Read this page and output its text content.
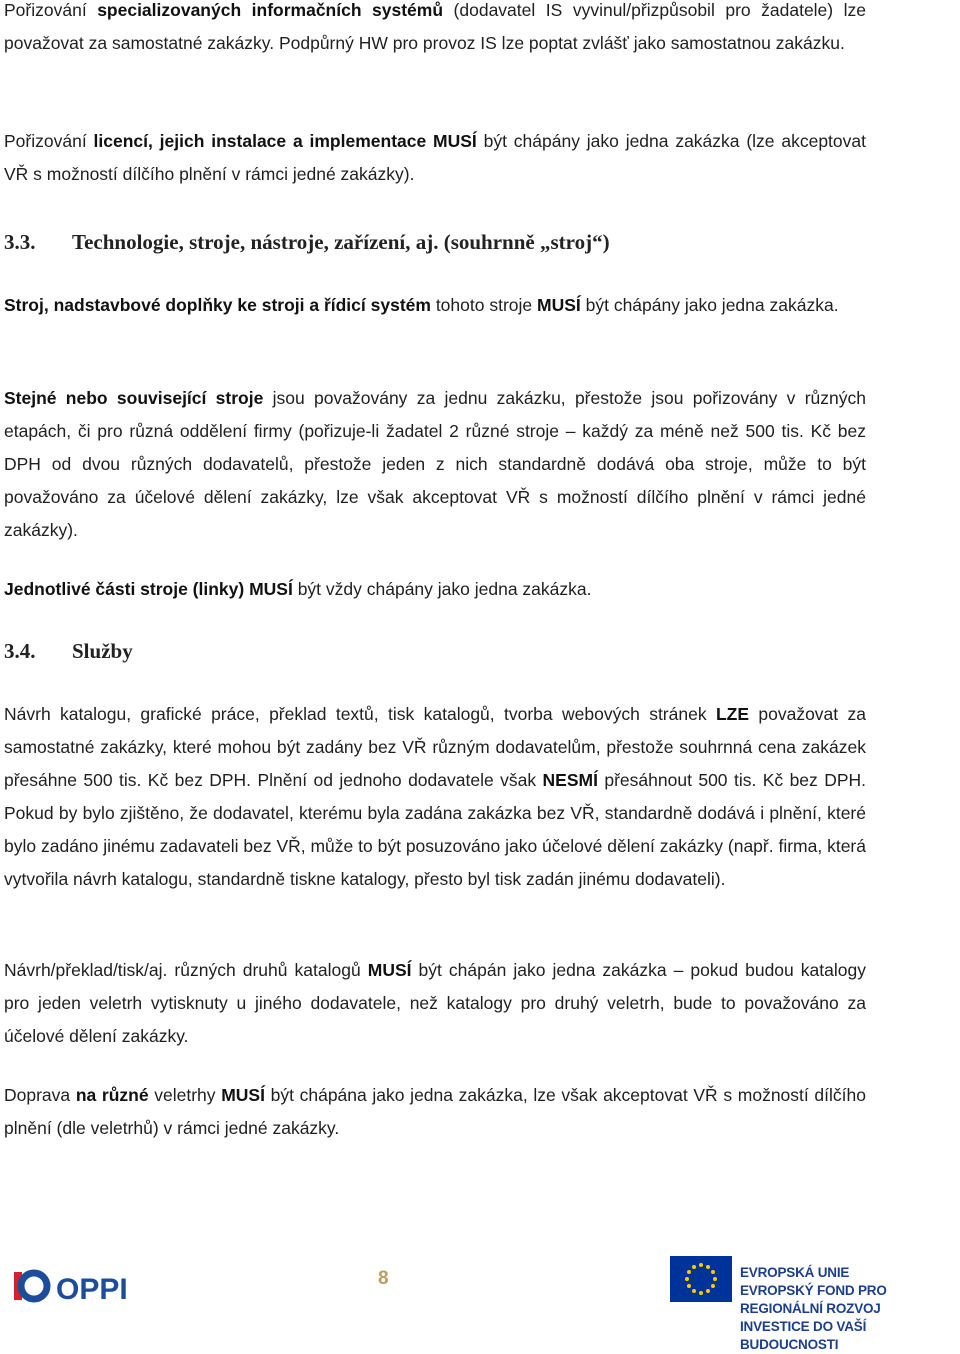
Pořizování specializovaných informačních systémů (dodavatel IS vyvinul/přizpůsobil pro žadatele) lze považovat za samostatné zakázky. Podpůrný HW pro provoz IS lze poptat zvlášť jako samostatnou zakázku.
Pořizování licencí, jejich instalace a implementace MUSÍ být chápány jako jedna zakázka (lze akceptovat VŘ s možností dílčího plnění v rámci jedné zakázky).
3.3. Technologie, stroje, nástroje, zařízení, aj. (souhrnně „stroj“)
Stroj, nadstavbové doplňky ke stroji a řídicí systém tohoto stroje MUSÍ být chápány jako jedna zakázka.
Stejné nebo související stroje jsou považovány za jednu zakázku, přestože jsou pořizovány v různých etapách, či pro různá oddělení firmy (pořizuje-li žadatel 2 různé stroje – každý za méně než 500 tis. Kč bez DPH od dvou různých dodavatelů, přestože jeden z nich standardně dodává oba stroje, může to být považováno za účelové dělení zakázky, lze však akceptovat VŘ s možností dílčího plnění v rámci jedné zakázky).
Jednotlivé části stroje (linky) MUSÍ být vždy chápány jako jedna zakázka.
3.4. Služby
Návrh katalogu, grafické práce, překlad textů, tisk katalogů, tvorba webových stránek LZE považovat za samostatné zakázky, které mohou být zadány bez VŘ různým dodavatelům, přestože souhrnná cena zakázek přesáhne 500 tis. Kč bez DPH. Plnění od jednoho dodavatele však NESMÍ přesáhnout 500 tis. Kč bez DPH. Pokud by bylo zjištěno, že dodavatel, kterému byla zadána zakázka bez VŘ, standardně dodává i plnění, které bylo zadáno jinému zadavateli bez VŘ, může to být posuzováno jako účelové dělení zakázky (např. firma, která vytvořila návrh katalogu, standardně tiskne katalogy, přesto byl tisk zadán jinému dodavateli).
Návrh/překlad/tisk/aj. různých druhů katalogů MUSÍ být chápán jako jedna zakázka – pokud budou katalogy pro jeden veletrh vytisknuty u jiného dodavatele, než katalogy pro druhý veletrh, bude to považováno za účelové dělení zakázky.
Doprava na různé veletrhy MUSÍ být chápána jako jedna zakázka, lze však akceptovat VŘ s možností dílčího plnění (dle veletrhů) v rámci jedné zakázky.
OPPI	8	EVROPSKÁ UNIE
EVROPSKÝ FOND PRO REGIONÁLNÍ ROZVOJ
INVESTICE DO VAŠÍ BUDOUCNOSTI
